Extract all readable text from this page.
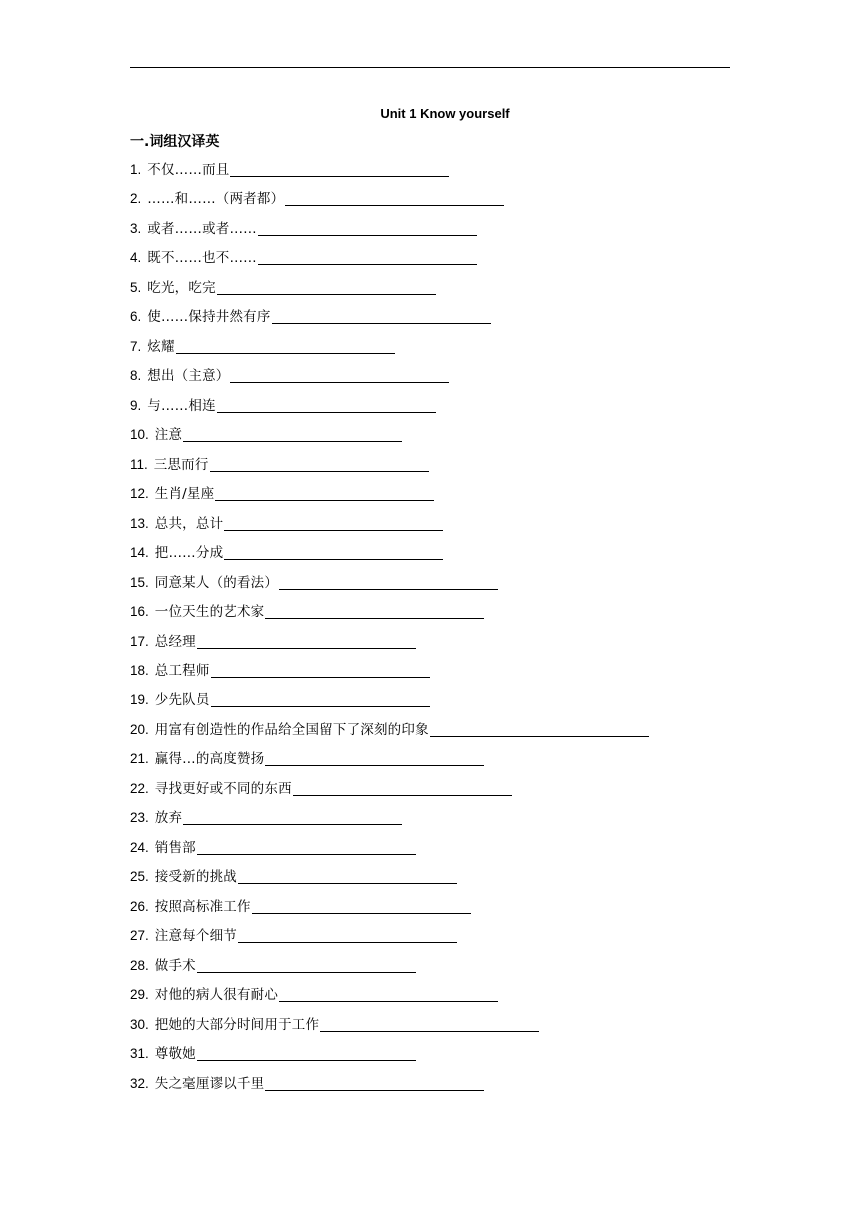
Unit 1 Know yourself
一.词组汉译英
1. 不仅……而且
2. ……和……（两者都）
3. 或者……或者……
4. 既不……也不……
5. 吃光，吃完
6. 使……保持井然有序
7. 炫耀
8. 想出（主意）
9. 与……相连
10. 注意
11. 三思而行
12. 生肖/星座
13. 总共，总计
14. 把……分成
15. 同意某人（的看法）
16. 一位天生的艺术家
17. 总经理
18. 总工程师
19. 少先队员
20. 用富有创造性的作品给全国留下了深刻的印象
21. 赢得…的高度赞扬
22. 寻找更好或不同的东西
23. 放弃
24. 销售部
25. 接受新的挑战
26. 按照高标准工作
27. 注意每个细节
28. 做手术
29. 对他的病人很有耐心
30. 把她的大部分时间用于工作
31. 尊敬她
32. 失之毫厘谬以千里
